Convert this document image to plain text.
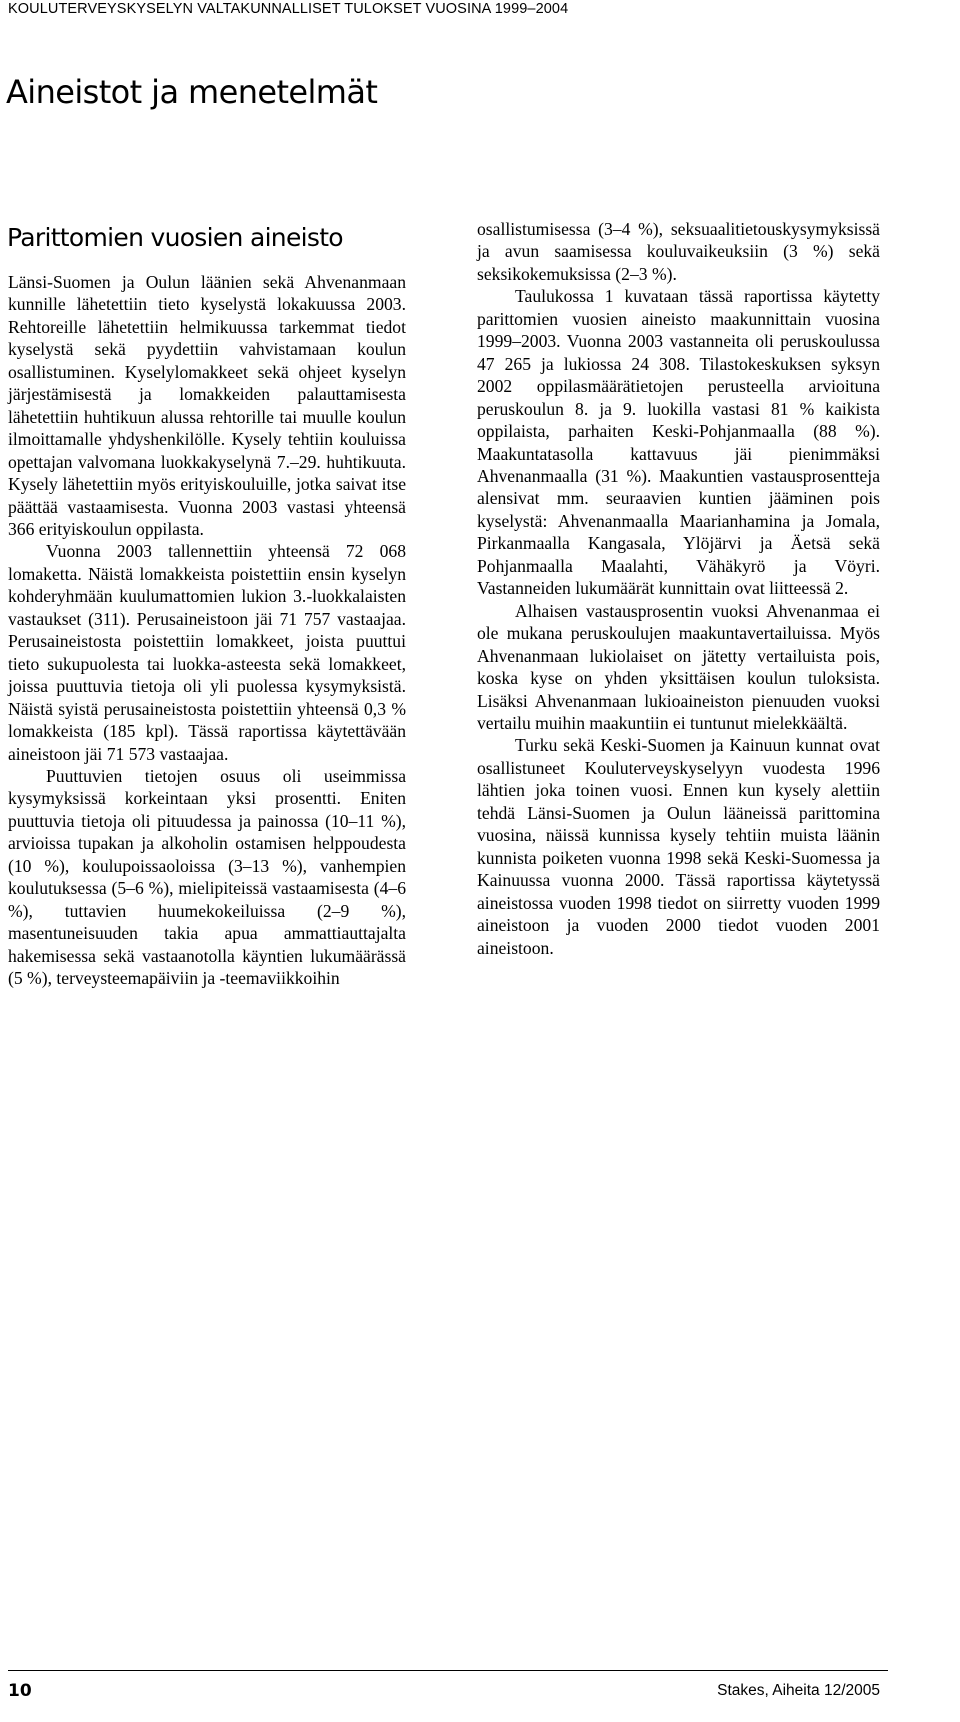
KOULUTERVEYSKYSELYN VALTAKUNNALLISET TULOKSET VUOSINA 1999–2004
Aineistot ja menetelmät
Parittomien vuosien aineisto

Länsi-Suomen ja Oulun läänien sekä Ahvenanmaan kunnille lähetettiin tieto kyselystä lokakuussa 2003. Rehtoreille lähetettiin helmikuussa tarkemmat tiedot kyselystä sekä pyydettiin vahvistamaan koulun osallistuminen. Kyselylomakkeet sekä ohjeet kyselyn järjestämisestä ja lomakkeiden palauttamisesta lähetettiin huhtikuun alussa rehtorille tai muulle koulun ilmoittamalle yhdyshenkilölle. Kysely tehtiin kouluissa opettajan valvomana luokkakyselynä 7.–29. huhtikuuta. Kysely lähetettiin myös erityiskouluille, jotka saivat itse päättää vastaamisesta. Vuonna 2003 vastasi yhteensä 366 erityiskoulun oppilasta.

Vuonna 2003 tallennettiin yhteensä 72 068 lomaketta. Näistä lomakkeista poistettiin ensin kyselyn kohderyhmään kuulumattomien lukion 3.-luokkalaisten vastaukset (311). Perusaineistoon jäi 71 757 vastaajaa. Perusaineistosta poistettiin lomakkeet, joista puuttui tieto sukupuolesta tai luokka-asteesta sekä lomakkeet, joissa puuttuvia tietoja oli yli puolessa kysymyksistä. Näistä syistä perusaineistosta poistettiin yhteensä 0,3 % lomakkeista (185 kpl). Tässä raportissa käytettävään aineistoon jäi 71 573 vastaajaa.

Puuttuvien tietojen osuus oli useimmissa kysymyksissä korkeintaan yksi prosentti. Eniten puuttuvia tietoja oli pituudessa ja painossa (10–11 %), arvioissa tupakan ja alkoholin ostamisen helppoudesta (10 %), koulupoissaoloissa (3–13 %), vanhempien koulutuksessa (5–6 %), mielipiteissä vastaamisesta (4–6 %), tuttavien huumekokeiluissa (2–9 %), masentuneisuuden takia apua ammattiauttajalta hakemisessa sekä vastaanotolla käyntien lukumäärässä (5 %), terveysteemapäiviin ja -teemaviikkoihin

osallistumisessa (3–4 %), seksuaalitietouskysymyksissä ja avun saamisessa kouluvaikeuksiin (3 %) sekä seksikokemuksissa (2–3 %).

Taulukossa 1 kuvataan tässä raportissa käytetty parittomien vuosien aineisto maakunnittain vuosina 1999–2003. Vuonna 2003 vastanneita oli peruskoulussa 47 265 ja lukiossa 24 308. Tilastokeskuksen syksyn 2002 oppilasmäärätietojen perusteella arvioituna peruskoulun 8. ja 9. luokilla vastasi 81 % kaikista oppilaista, parhaiten Keski-Pohjanmaalla (88 %). Maakuntatasolla kattavuus jäi pienimmäksi Ahvenanmaalla (31 %). Maakuntien vastausprosentteja alensivat mm. seuraavien kuntien jääminen pois kyselystä: Ahvenanmaalla Maarianhamina ja Jomala, Pirkanmaalla Kangasala, Ylöjärvi ja Äetsä sekä Pohjanmaalla Maalahti, Vähäkyrö ja Vöyri. Vastanneiden lukumäärät kunnittain ovat liitteessä 2.

Alhaisen vastausprosentin vuoksi Ahvenanmaa ei ole mukana peruskoulujen maakuntavertailuissa. Myös Ahvenanmaan lukiolaiset on jätetty vertailuista pois, koska kyse on yhden yksittäisen koulun tuloksista. Lisäksi Ahvenanmaan lukioaineiston pienuuden vuoksi vertailu muihin maakuntiin ei tuntunut mielekkäältä.

Turku sekä Keski-Suomen ja Kainuun kunnat ovat osallistuneet Kouluterveyskyselyyn vuodesta 1996 lähtien joka toinen vuosi. Ennen kun kysely alettiin tehdä Länsi-Suomen ja Oulun lääneissä parittomina vuosina, näissä kunnissa kysely tehtiin muista läänin kunnista poiketen vuonna 1998 sekä Keski-Suomessa ja Kainuussa vuonna 2000. Tässä raportissa käytetyssä aineistossa vuoden 1998 tiedot on siirretty vuoden 1999 aineistoon ja vuoden 2000 tiedot vuoden 2001 aineistoon.

10	Stakes, Aiheita 12/2005
